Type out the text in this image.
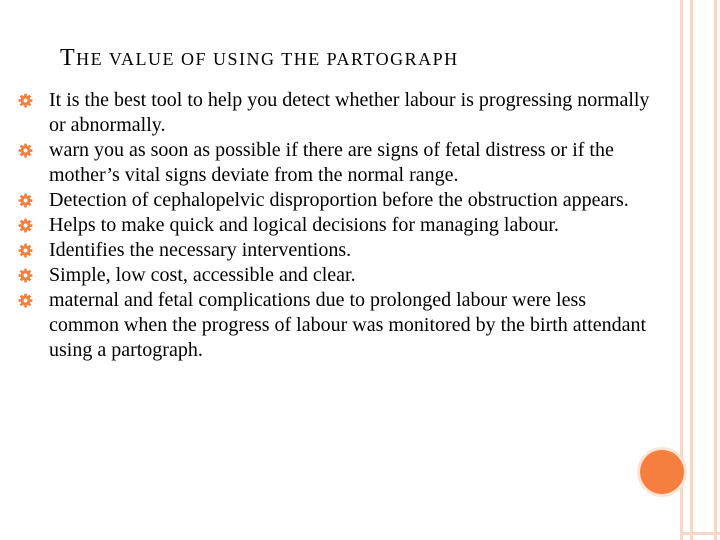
THE VALUE OF USING THE PARTOGRAPH
It is the best tool to help you detect whether labour is progressing normally or abnormally.
warn you as soon as possible if there are signs of fetal distress or if the mother’s vital signs deviate from the normal range.
Detection of cephalopelvic disproportion before the obstruction appears.
Helps to make quick and logical decisions for managing labour.
Identifies the necessary interventions.
Simple, low cost, accessible and clear.
maternal and fetal complications due to prolonged labour were less common when the progress of labour was monitored by the birth attendant using a partograph.
